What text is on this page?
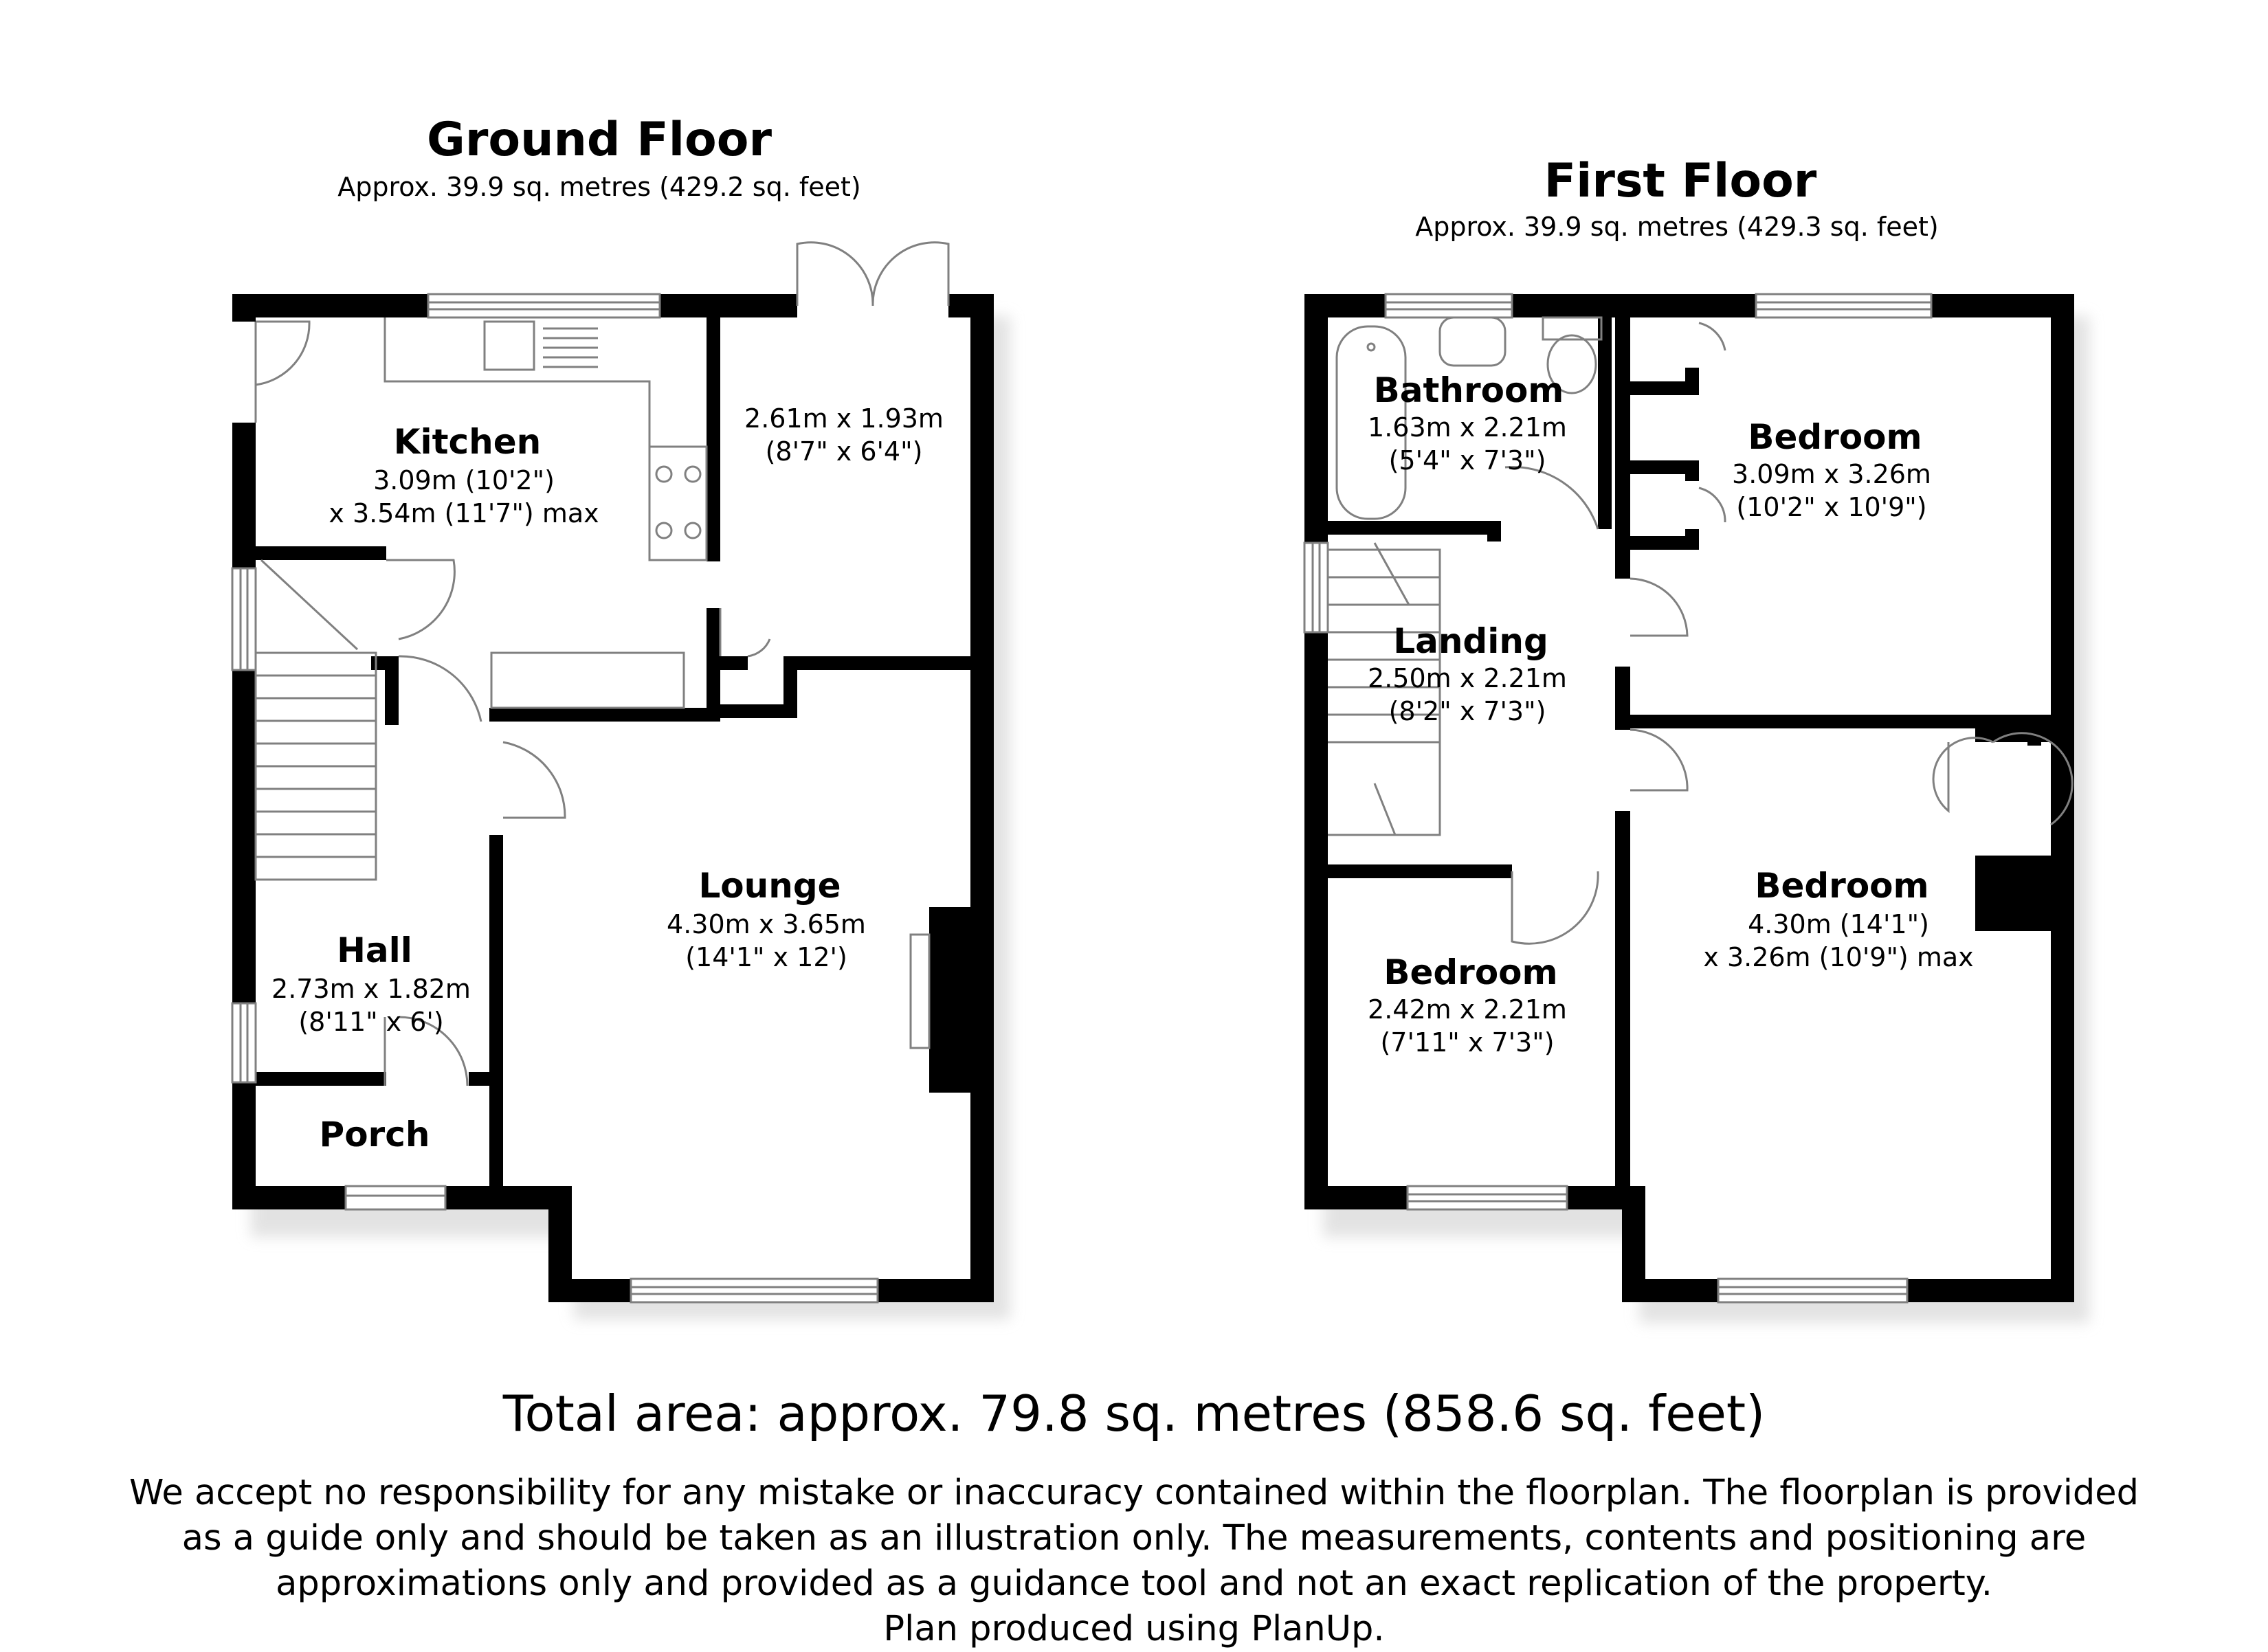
Ground Floor
Approx. 39.9 sq. metres (429.2 sq. feet)
Kitchen
3.09m (10'2")
x 3.54m (11'7") max
2.61m x 1.93m
(8'7" x 6'4")
Hall
2.73m x 1.82m
(8'11" x 6')
Lounge
4.30m x 3.65m
(14'1" x 12')
Porch
First Floor
Approx. 39.9 sq. metres (429.3 sq. feet)
Bathroom
1.63m x 2.21m
(5'4" x 7'3")
Bedroom
3.09m x 3.26m
(10'2" x 10'9")
Landing
2.50m x 2.21m
(8'2" x 7'3")
Bedroom
2.42m x 2.21m
(7'11" x 7'3")
Bedroom
4.30m (14'1")
x 3.26m (10'9") max
Total area: approx. 79.8 sq. metres (858.6 sq. feet)
We accept no responsibility for any mistake or inaccuracy contained within the floorplan. The floorplan is provided
as a guide only and should be taken as an illustration only. The measurements, contents and positioning are
approximations only and provided as a guidance tool and not an exact replication of the property.
Plan produced using PlanUp.
